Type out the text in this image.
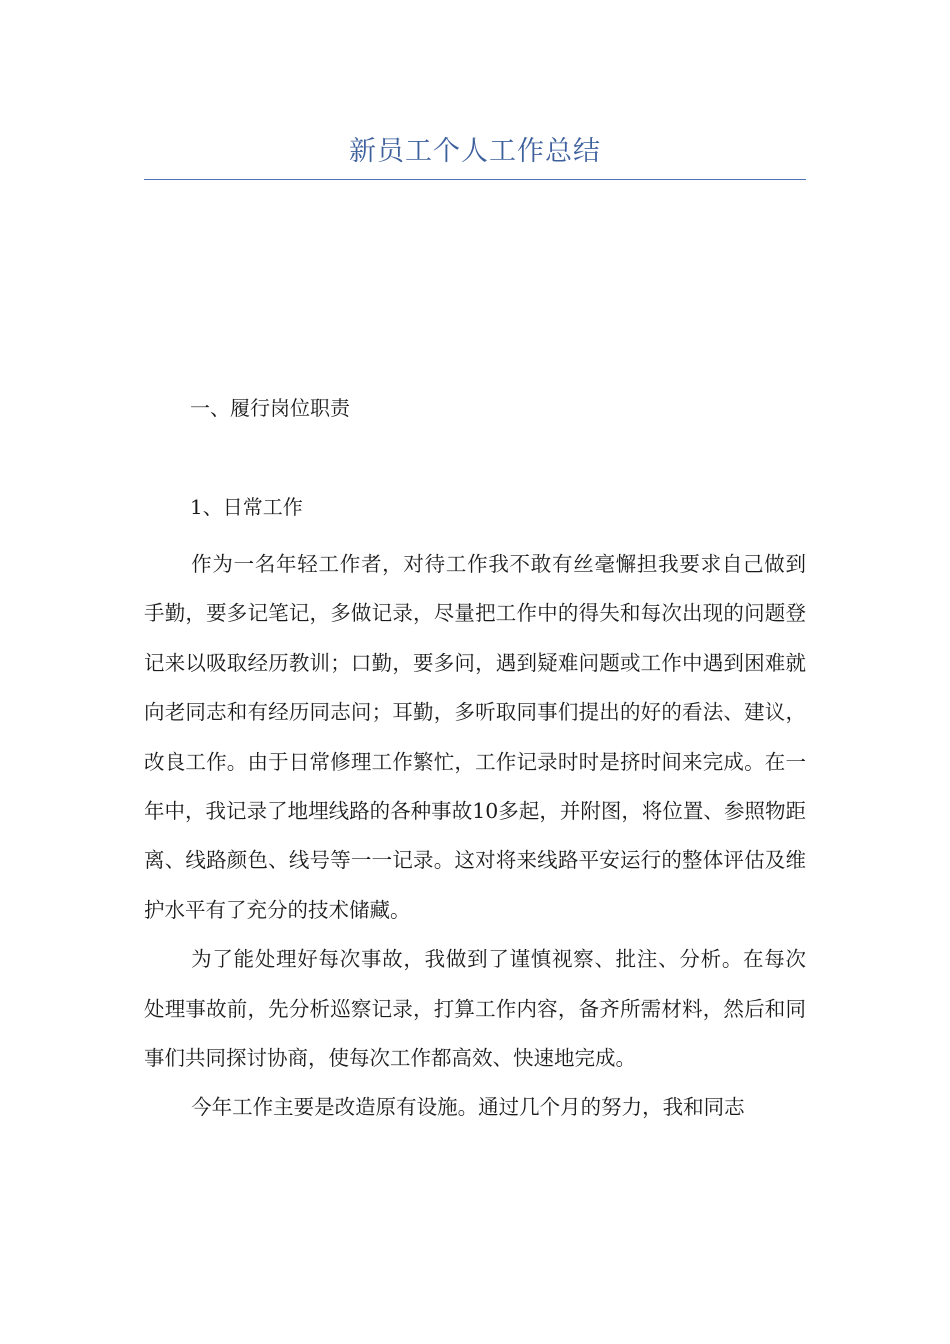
新员工个人工作总结
一、履行岗位职责
1、日常工作

作为一名年轻工作者，对待工作我不敢有丝毫懈担我要求自己做到手勤，要多记笔记，多做记录，尽量把工作中的得失和每次出现的问题登记来以吸取经历教训；口勤，要多问，遇到疑难问题或工作中遇到困难就向老同志和有经历同志问；耳勤，多听取同事们提出的好的看法、建议，改良工作。由于日常修理工作繁忙，工作记录时时是挤时间来完成。在一年中，我记录了地埋线路的各种事故10多起，并附图，将位置、参照物距离、线路颜色、线号等一一记录。这对将来线路平安运行的整体评估及维护水平有了充分的技术储藏。

为了能处理好每次事故，我做到了谨慎视察、批注、分析。在每次处理事故前，先分析巡察记录，打算工作内容，备齐所需材料，然后和同事们共同探讨协商，使每次工作都高效、快速地完成。

今年工作主要是改造原有设施。通过几个月的努力，我和同志
